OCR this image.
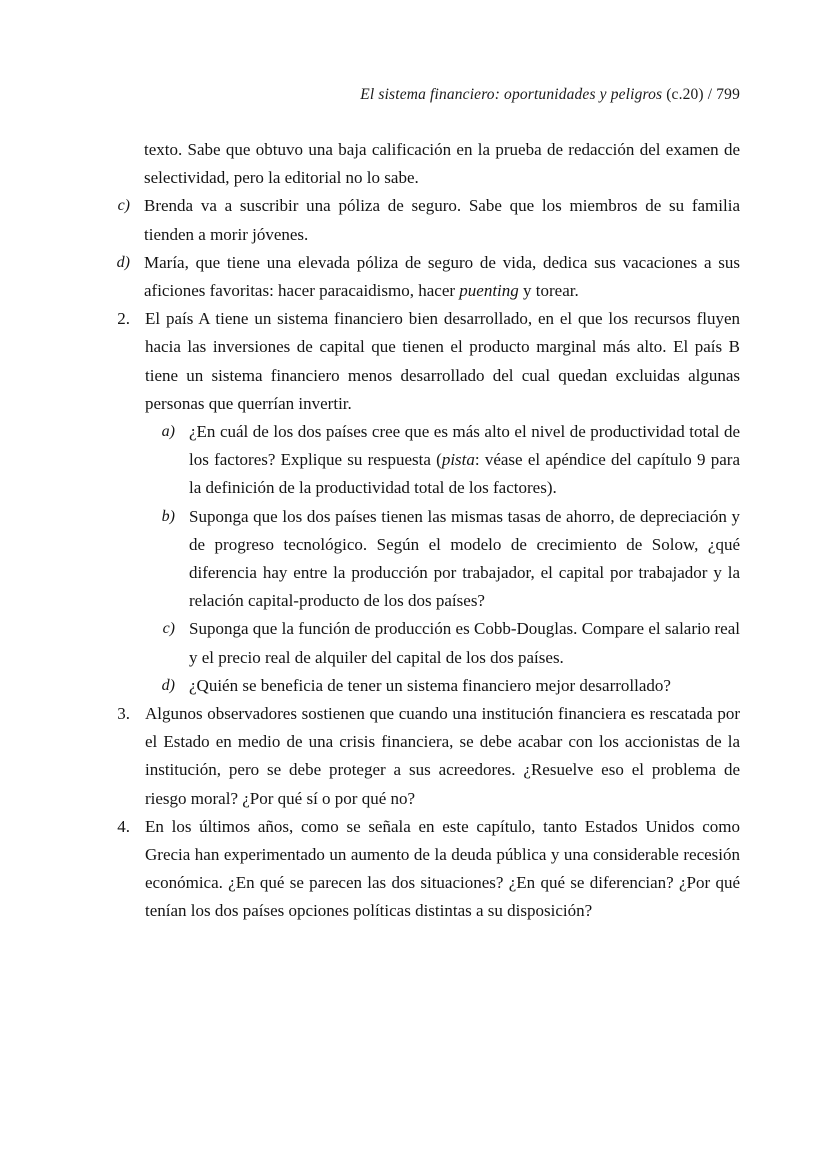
El sistema financiero: oportunidades y peligros (c.20) / 799
texto. Sabe que obtuvo una baja calificación en la prueba de redacción del examen de selectividad, pero la editorial no lo sabe.
c) Brenda va a suscribir una póliza de seguro. Sabe que los miembros de su familia tienden a morir jóvenes.
d) María, que tiene una elevada póliza de seguro de vida, dedica sus vacaciones a sus aficiones favoritas: hacer paracaidismo, hacer puenting y torear.
2. El país A tiene un sistema financiero bien desarrollado, en el que los recursos fluyen hacia las inversiones de capital que tienen el producto marginal más alto. El país B tiene un sistema financiero menos desarrollado del cual quedan excluidas algunas personas que querrían invertir.
a) ¿En cuál de los dos países cree que es más alto el nivel de productividad total de los factores? Explique su respuesta (pista: véase el apéndice del capítulo 9 para la definición de la productividad total de los factores).
b) Suponga que los dos países tienen las mismas tasas de ahorro, de depreciación y de progreso tecnológico. Según el modelo de crecimiento de Solow, ¿qué diferencia hay entre la producción por trabajador, el capital por trabajador y la relación capital-producto de los dos países?
c) Suponga que la función de producción es Cobb-Douglas. Compare el salario real y el precio real de alquiler del capital de los dos países.
d) ¿Quién se beneficia de tener un sistema financiero mejor desarrollado?
3. Algunos observadores sostienen que cuando una institución financiera es rescatada por el Estado en medio de una crisis financiera, se debe acabar con los accionistas de la institución, pero se debe proteger a sus acreedores. ¿Resuelve eso el problema de riesgo moral? ¿Por qué sí o por qué no?
4. En los últimos años, como se señala en este capítulo, tanto Estados Unidos como Grecia han experimentado un aumento de la deuda pública y una considerable recesión económica. ¿En qué se parecen las dos situaciones? ¿En qué se diferencian? ¿Por qué tenían los dos países opciones políticas distintas a su disposición?
